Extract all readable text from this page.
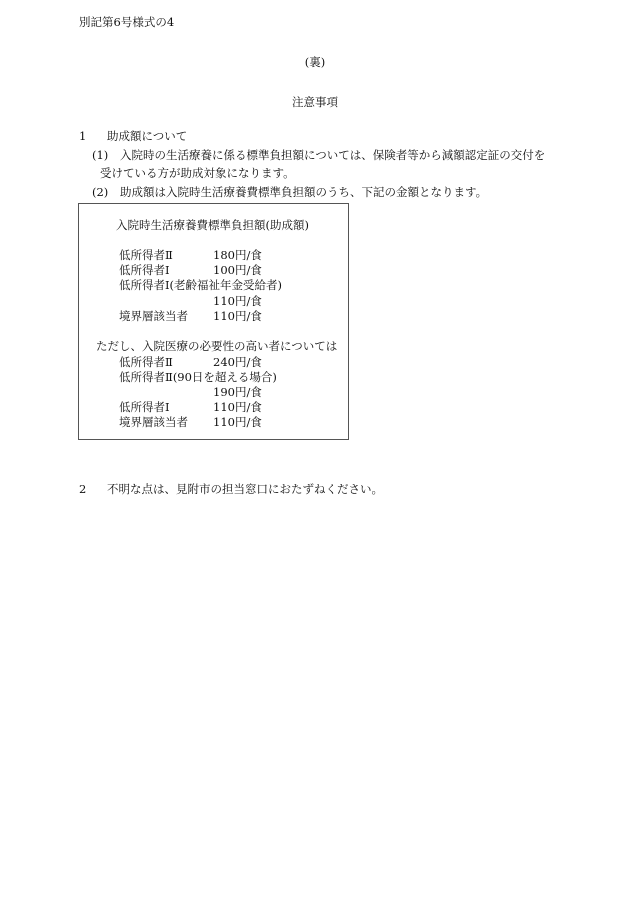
別記第6号様式の4
(裏)
注意事項
1 助成額について
(1) 入院時の生活療養に係る標準負担額については、保険者等から減額認定証の交付を
受けている方が助成対象になります。
(2) 助成額は入院時生活療養費標準負担額のうち、下記の金額となります。
入院時生活療養費標準負担額(助成額)
低所得者Ⅱ	180円/食
低所得者Ⅰ	100円/食
低所得者Ⅰ(老齢福祉年金受給者)
110円/食
境界層該当者 110円/食
ただし、入院医療の必要性の高い者については
低所得者Ⅱ	240円/食
低所得者Ⅱ(90日を超える場合)
190円/食
低所得者Ⅰ	110円/食
境界層該当者 110円/食
2 不明な点は、見附市の担当窓口におたずねください。
